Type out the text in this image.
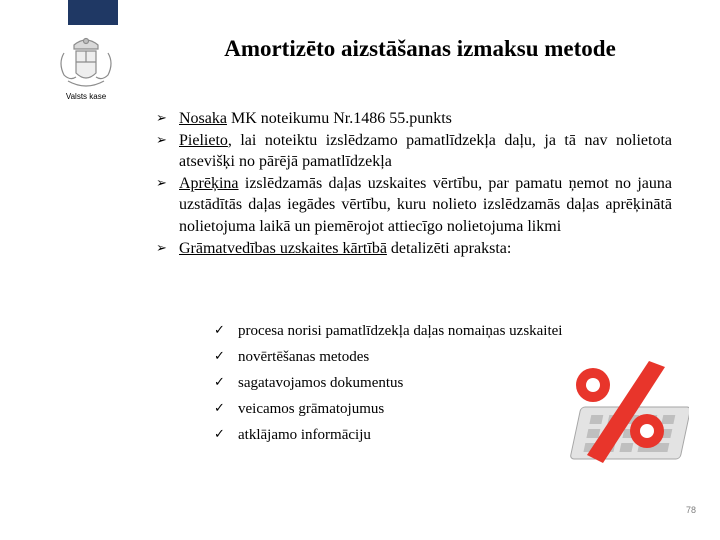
Valsts kase
Amortizēto aizstāšanas izmaksu metode
➢ Nosaka MK noteikumu Nr.1486 55.punkts
➢ Pielieto, lai noteiktu izslēdzamo pamatlīdzekļa daļu, ja tā nav nolietota atsevišķi no pārējā pamatlīdzekļa
➢ Aprēķina izslēdzamās daļas uzskaites vērtību, par pamatu ņemot no jauna uzstādītās daļas iegādes vērtību, kuru nolieto izslēdzamās daļas aprēķinātā nolietojuma laikā un piemērojot attiecīgo nolietojuma likmi
➢ Grāmatvedības uzskaites kārtībā detalizēti apraksta:
✓ procesa norisi pamatlīdzekļa daļas nomaiņas uzskaitei
✓ novērtēšanas metodes
✓ sagatavojamos dokumentus
✓ veicamos grāmatojumus
✓ atklājamo informāciju
78
